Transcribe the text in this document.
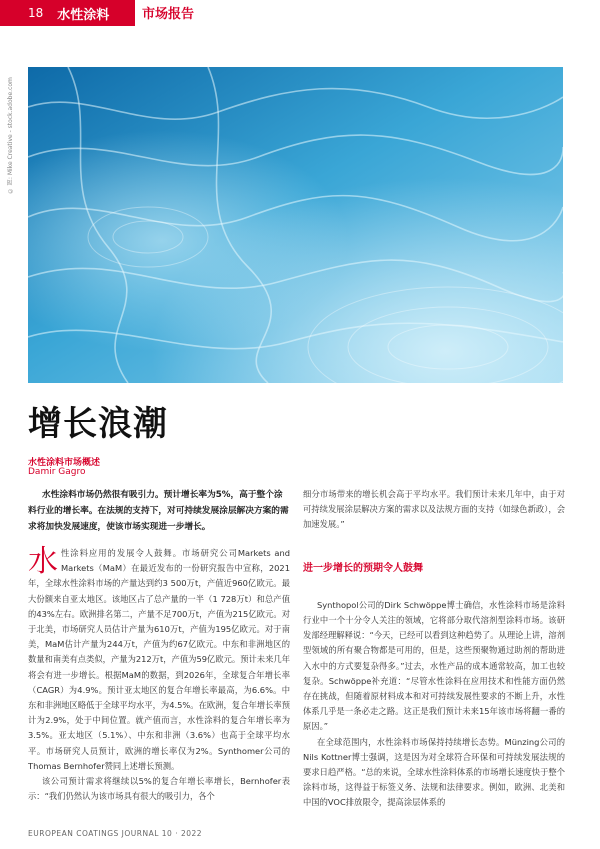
18 水性涂料	市场报告
© 图: Mike Creative - stock.adobe.com
增长浪潮
水性涂料市场概述
Damir Gagro

水性涂料市场仍然很有吸引力。预计增长率为5%，高于整个涂料行业的增长率。在法规的支持下，对可持续发展涂层解决方案的需求将加快发展速度，使该市场实现进一步增长。

水性涂料应用的发展令人鼓舞。市场研究公司Markets and Markets（MaM）在最近发布的一份研究报告中宣称，2021年，全球水性涂料市场的产量达到约3 500万t，产值近960亿欧元。最大份额来自亚太地区。该地区占了总产量的一半（1 728万t）和总产值的43%左右。欧洲排名第二，产量不足700万t，产值为215亿欧元。对于北美，市场研究人员估计产量为610万t，产值为195亿欧元。对于南美，MaM估计产量为244万t，产值为约67亿欧元。中东和非洲地区的数量和南美有点类似，产量为212万t，产值为59亿欧元。预计未来几年将会有进一步增长。根据MaM的数据，到2026年，全球复合年增长率（CAGR）为4.9%。预计亚太地区的复合年增长率最高，为6.6%。中东和非洲地区略低于全球平均水平，为4.5%。在欧洲，复合年增长率预计为2.9%，处于中间位置。就产值而言，水性涂料的复合年增长率为3.5%。亚太地区（5.1%）、中东和非洲（3.6%）也高于全球平均水平。市场研究人员预计，欧洲的增长率仅为2%。Synthomer公司的Thomas Bernhofer赞同上述增长预测。

该公司预计需求将继续以5%的复合年增长率增长，Bernhofer表示：“我们仍然认为该市场具有很大的吸引力，各个

细分市场带来的增长机会高于平均水平。我们预计未来几年中，由于对可持续发展涂层解决方案的需求以及法规方面的支持（如绿色新政），会加速发展。”

进一步增长的预期令人鼓舞

Synthopol公司的Dirk Schwöppe博士确信，水性涂料市场是涂料行业中一个十分令人关注的领域，它将部分取代溶剂型涂料市场。该研发部经理解释说：“今天，已经可以看到这种趋势了。从理论上讲，溶剂型领域的所有聚合物都是可用的，但是，这些预聚物通过助剂的帮助进入水中的方式要复杂得多。”过去，水性产品的成本通常较高，加工也较复杂。Schwöppe补充道：“尽管水性涂料在应用技术和性能方面仍然存在挑战，但随着原材料成本和对可持续发展性要求的不断上升，水性体系几乎是一条必走之路。这正是我们预计未来15年该市场将翻一番的原因。”

在全球范围内，水性涂料市场保持持续增长态势。Münzing公司的Nils Kottner博士强调，这是因为对全球符合环保和可持续发展法规的要求日趋严格。“总的来说，全球水性涂料体系的市场增长速度快于整个涂料市场，这得益于标签义务、法规和法律要求。例如，欧洲、北美和中国的VOC排放限令，提高涂层体系的

EUROPEAN COATINGS JOURNAL 10 · 2022
